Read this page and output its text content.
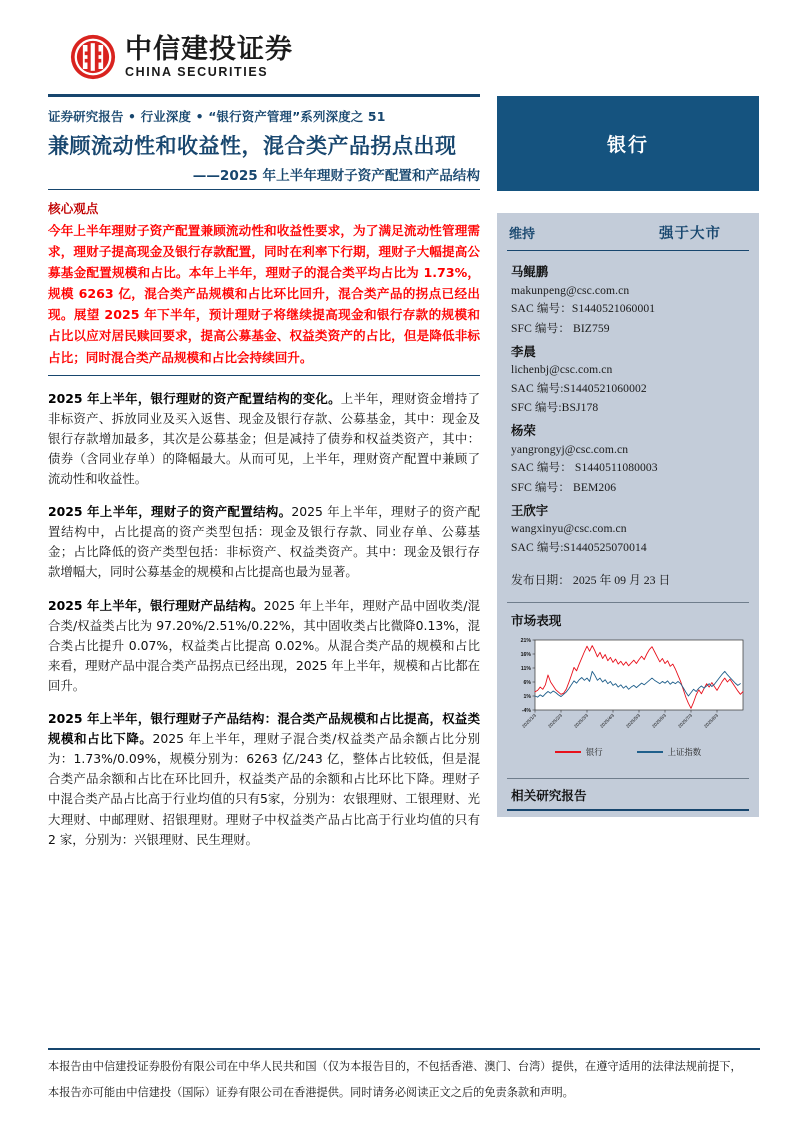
中信建投证券
CHINA SECURITIES
证券研究报告 • 行业深度 • “银行资产管理”系列深度之 51
兼顾流动性和收益性，混合类产品拐点出现
——2025 年上半年理财子资产配置和产品结构
核心观点
今年上半年理财子资产配置兼顾流动性和收益性要求，为了满足流动性管理需求，理财子提高现金及银行存款配置，同时在利率下行期，理财子大幅提高公募基金配置规模和占比。本年上半年，理财子的混合类平均占比为 1.73%，规模 6263 亿，混合类产品规模和占比环比回升，混合类产品的拐点已经出现。展望 2025 年下半年，预计理财子将继续提高现金和银行存款的规模和占比以应对居民赎回要求，提高公募基金、权益类资产的占比，但是降低非标占比；同时混合类产品规模和占比会持续回升。
2025 年上半年，银行理财的资产配置结构的变化。上半年，理财资金增持了非标资产、拆放同业及买入返售、现金及银行存款、公募基金，其中：现金及银行存款增加最多，其次是公募基金；但是减持了债券和权益类资产，其中：债券（含同业存单）的降幅最大。从而可见，上半年，理财资产配置中兼顾了流动性和收益性。
2025 年上半年，理财子的资产配置结构。2025 年上半年，理财子的资产配置结构中，占比提高的资产类型包括：现金及银行存款、同业存单、公募基金；占比降低的资产类型包括：非标资产、权益类资产。其中：现金及银行存款增幅大，同时公募基金的规模和占比提高也最为显著。
2025 年上半年，银行理财产品结构。2025 年上半年，理财产品中固收类/混合类/权益类占比为 97.20%/2.51%/0.22%，其中固收类占比微降0.13%，混合类占比提升 0.07%，权益类占比提高 0.02%。从混合类产品的规模和占比来看，理财产品中混合类产品拐点已经出现，2025 年上半年，规模和占比都在回升。
2025 年上半年，银行理财子产品结构：混合类产品规模和占比提高，权益类规模和占比下降。2025 年上半年，理财子混合类/权益类产品余额占比分别为：1.73%/0.09%，规模分别为：6263 亿/243 亿，整体占比较低，但是混合类产品余额和占比在环比回升，权益类产品的余额和占比环比下降。理财子中混合类产品占比高于行业均值的只有5家，分别为：农银理财、工银理财、光大理财、中邮理财、招银理财。理财子中权益类产品占比高于行业均值的只有 2 家，分别为：兴银理财、民生理财。
银行
维持	强于大市
马鲲鹏
makunpeng@csc.com.cn
SAC 编号：S1440521060001
SFC 编号： BIZ759
李晨
lichenbj@csc.com.cn
SAC 编号:S1440521060002
SFC 编号:BSJ178
杨荣
yangrongyj@csc.com.cn
SAC 编号： S1440511080003
SFC 编号： BEM206
王欣宇
wangxinyu@csc.com.cn
SAC 编号:S1440525070014
发布日期： 2025 年 09 月 23 日
市场表现
21%
16%
11%
6%
1%
-4%
2025/1/3 2025/2/3 2025/3/3 2025/4/3 2025/5/3 2025/6/3 2025/7/3 2025/8/3
银行	上证指数
相关研究报告
本报告由中信建投证券股份有限公司在中华人民共和国（仅为本报告目的，不包括香港、澳门、台湾）提供，在遵守适用的法律法规前提下，
本报告亦可能由中信建投（国际）证券有限公司在香港提供。同时请务必阅读正文之后的免责条款和声明。
